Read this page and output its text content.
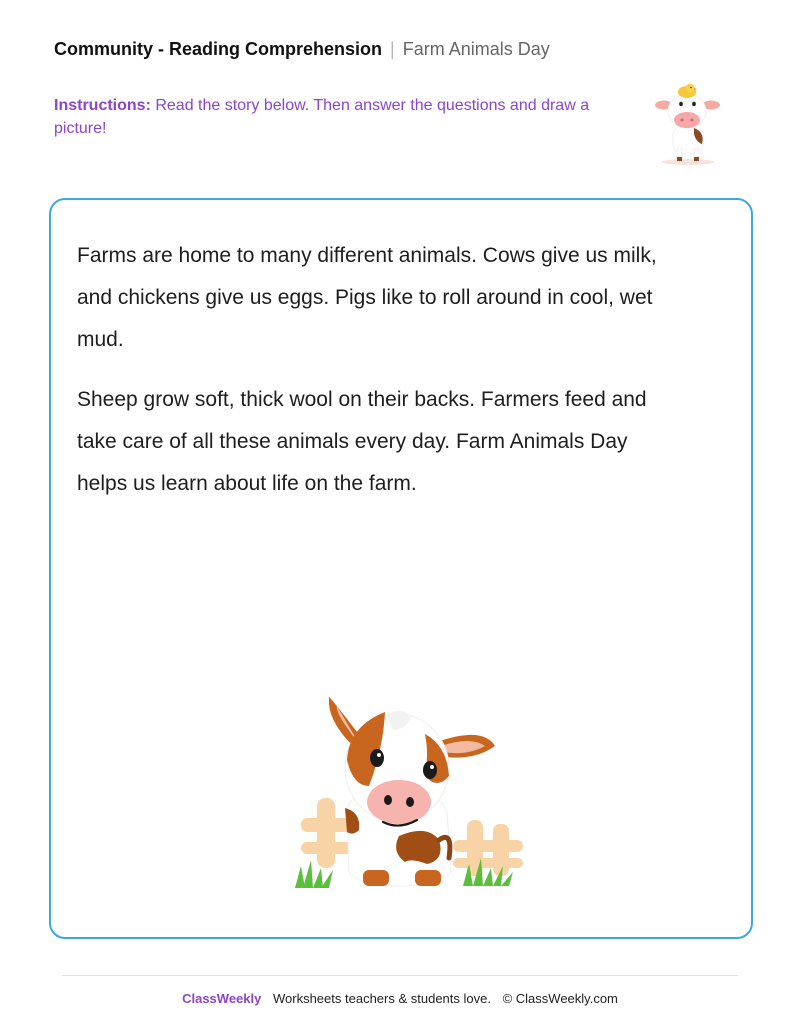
Community - Reading Comprehension | Farm Animals Day
Instructions: Read the story below. Then answer the questions and draw a picture!

Farms are home to many different animals. Cows give us milk, and chickens give us eggs. Pigs like to roll around in cool, wet mud.

Sheep grow soft, thick wool on their backs. Farmers feed and take care of all these animals every day. Farm Animals Day helps us learn about life on the farm.

ClassWeekly Worksheets teachers & students love. © ClassWeekly.com
